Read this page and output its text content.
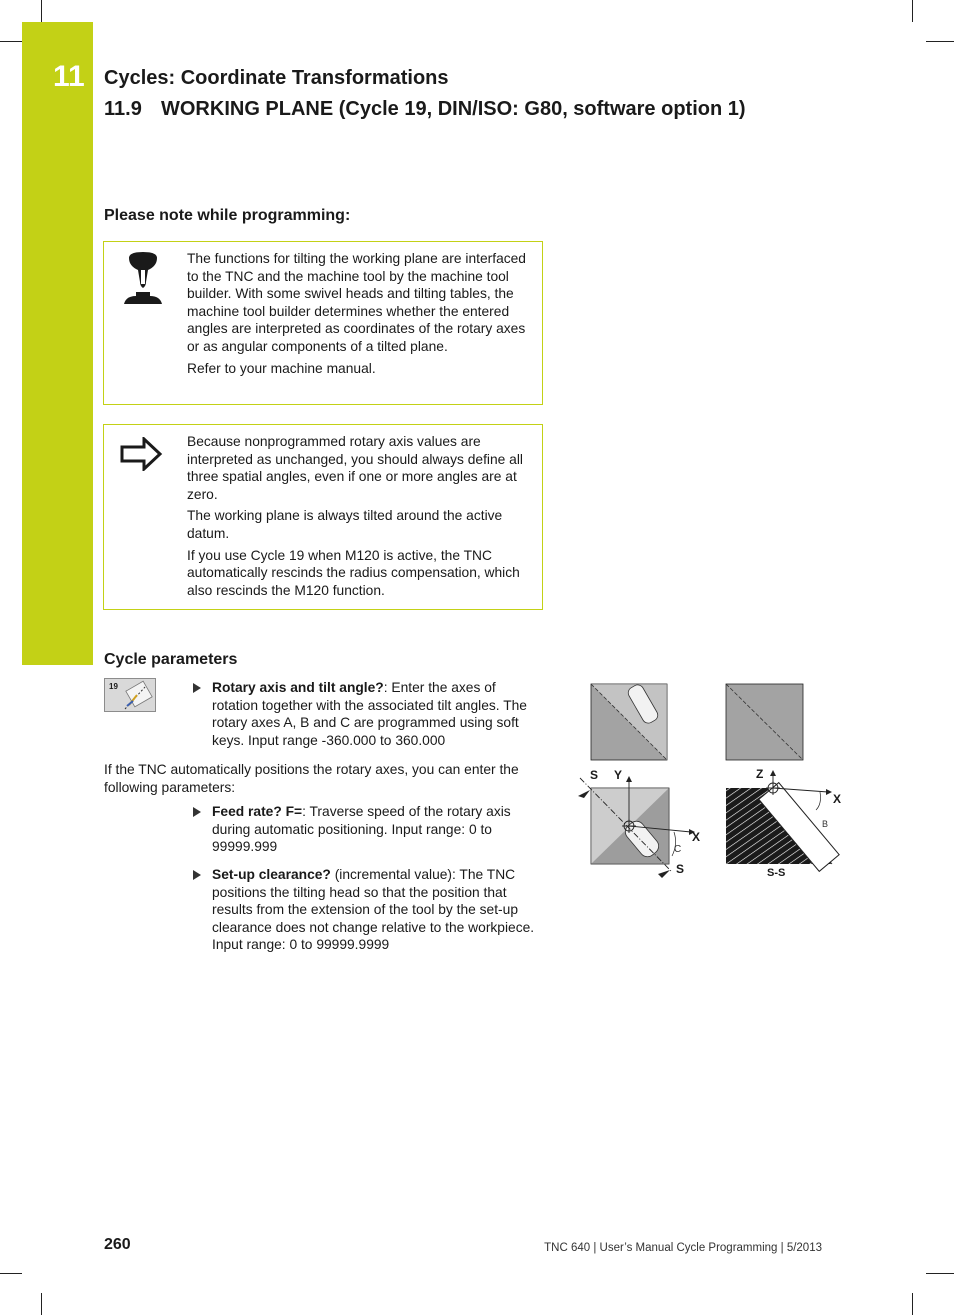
11 Cycles: Coordinate Transformations
11.9 WORKING PLANE (Cycle 19, DIN/ISO: G80, software option 1)
Please note while programming:

The functions for tilting the working plane are interfaced to the TNC and the machine tool by the machine tool builder. With some swivel heads and tilting tables, the machine tool builder determines whether the entered angles are interpreted as coordinates of the rotary axes or as angular components of a tilted plane.

Refer to your machine manual.

Because nonprogrammed rotary axis values are interpreted as unchanged, you should always define all three spatial angles, even if one or more angles are at zero.

The working plane is always tilted around the active datum.

If you use Cycle 19 when M120 is active, the TNC automatically rescinds the radius compensation, which also rescinds the M120 function.

Cycle parameters
19	Rotary axis and tilt angle?: Enter the axes of rotation together with the associated tilt angles. The rotary axes A, B and C are programmed using soft keys. Input range -360.000 to 360.000
If the TNC automatically positions the rotary axes, you can enter the following parameters:
Feed rate? F=: Traverse speed of the rotary axis during automatic positioning. Input range: 0 to 99999.999
Set-up clearance? (incremental value): The TNC positions the tilting head so that the position that results from the extension of the tool by the set-up clearance does not change relative to the workpiece. Input range: 0 to 99999.9999
S Y
X
C
S
Z
X
B
S-S
260	TNC 640 | User’s Manual Cycle Programming | 5/2013
